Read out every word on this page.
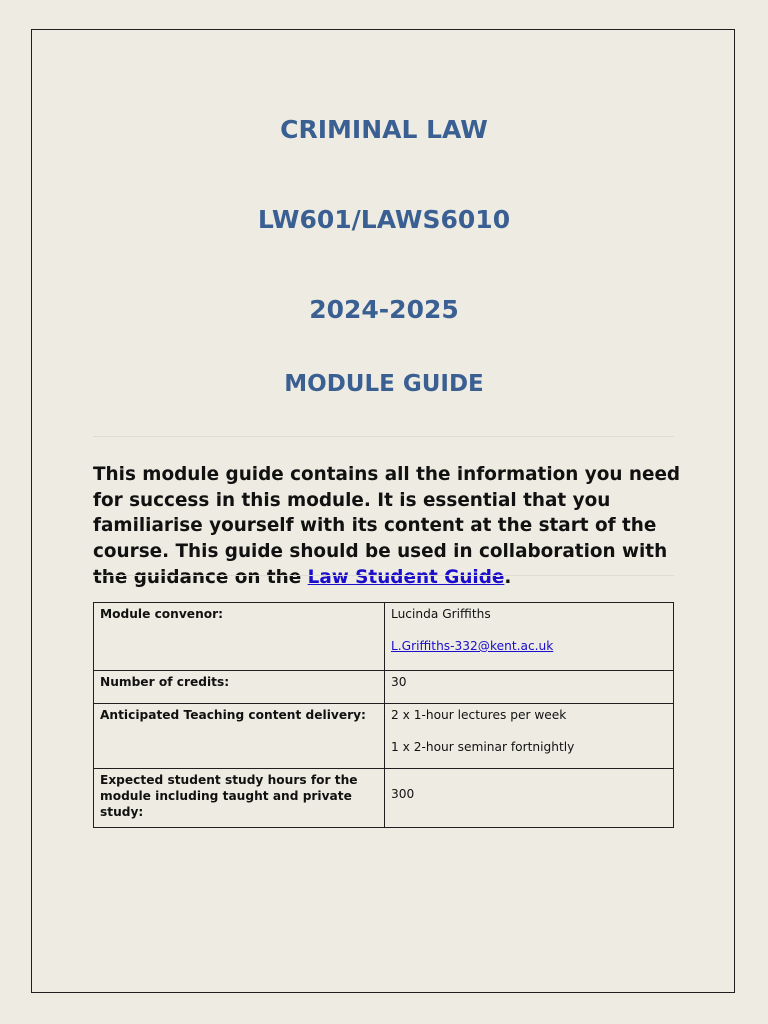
CRIMINAL LAW
LW601/LAWS6010
2024-2025
MODULE GUIDE

This module guide contains all the information you need for success in this module. It is essential that you familiarise yourself with its content at the start of the course. This guide should be used in collaboration with the guidance on the Law Student Guide.

Module convenor:	Lucinda Griffiths
L.Griffiths-332@kent.ac.uk
Number of credits:	30
Anticipated Teaching content delivery:	2 x 1-hour lectures per week
1 x 2-hour seminar fortnightly

Expected student study hours for the module including taught and private study:	300
